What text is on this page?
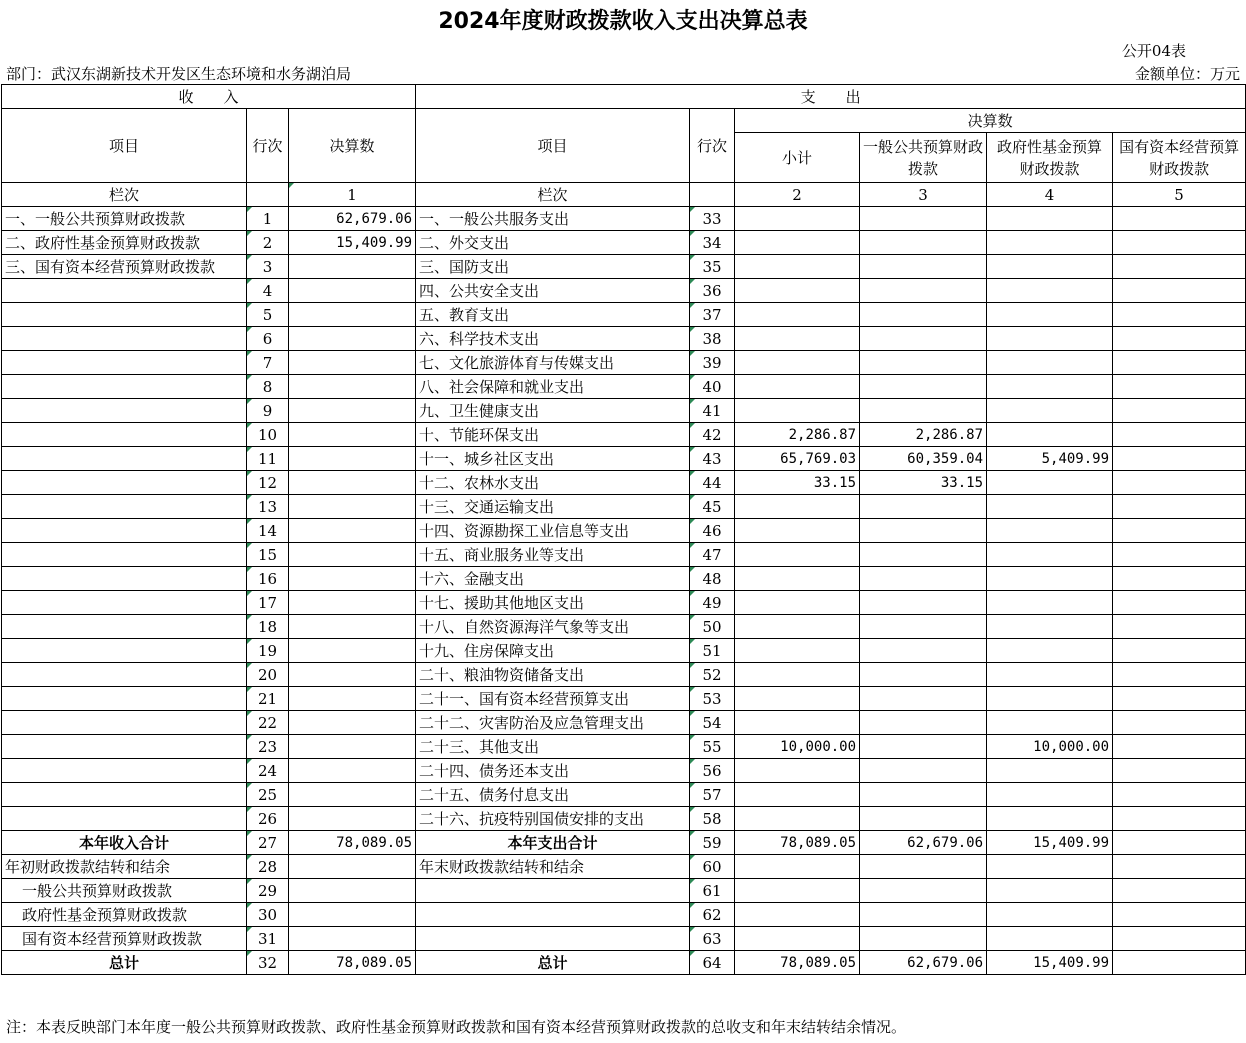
2024年度财政拨款收入支出决算总表
公开04表
部门：武汉东湖新技术开发区生态环境和水务湖泊局	金额单位：万元
收　　入			支　　出					
项目	行次	决算数	项目	行次	决算数			
					小计	一般公共预算财政拨款	政府性基金预算财政拨款	国有资本经营预算财政拨款
栏次		1	栏次		2	3	4	5
一、一般公共预算财政拨款	1	62,679.06	一、一般公共服务支出	33				
二、政府性基金预算财政拨款	2	15,409.99	二、外交支出	34				
三、国有资本经营预算财政拨款	3		三、国防支出	35				
	4		四、公共安全支出	36				
	5		五、教育支出	37				
	6		六、科学技术支出	38				
	7		七、文化旅游体育与传媒支出	39				
	8		八、社会保障和就业支出	40				
	9		九、卫生健康支出	41				
	10		十、节能环保支出	42	2,286.87	2,286.87		
	11		十一、城乡社区支出	43	65,769.03	60,359.04	5,409.99	
	12		十二、农林水支出	44	33.15	33.15		
	13		十三、交通运输支出	45				
	14		十四、资源勘探工业信息等支出	46				
	15		十五、商业服务业等支出	47				
	16		十六、金融支出	48				
	17		十七、援助其他地区支出	49				
	18		十八、自然资源海洋气象等支出	50				
	19		十九、住房保障支出	51				
	20		二十、粮油物资储备支出	52				
	21		二十一、国有资本经营预算支出	53				
	22		二十二、灾害防治及应急管理支出	54				
	23		二十三、其他支出	55	10,000.00		10,000.00	
	24		二十四、债务还本支出	56				
	25		二十五、债务付息支出	57				
	26		二十六、抗疫特别国债安排的支出	58				
本年收入合计	27	78,089.05	本年支出合计	59	78,089.05	62,679.06	15,409.99	
年初财政拨款结转和结余	28		年末财政拨款结转和结余	60				
一般公共预算财政拨款	29			61				
政府性基金预算财政拨款	30			62				
国有资本经营预算财政拨款	31			63				
总计	32	78,089.05	总计	64	78,089.05	62,679.06	15,409.99	
注：本表反映部门本年度一般公共预算财政拨款、政府性基金预算财政拨款和国有资本经营预算财政拨款的总收支和年末结转结余情况。
